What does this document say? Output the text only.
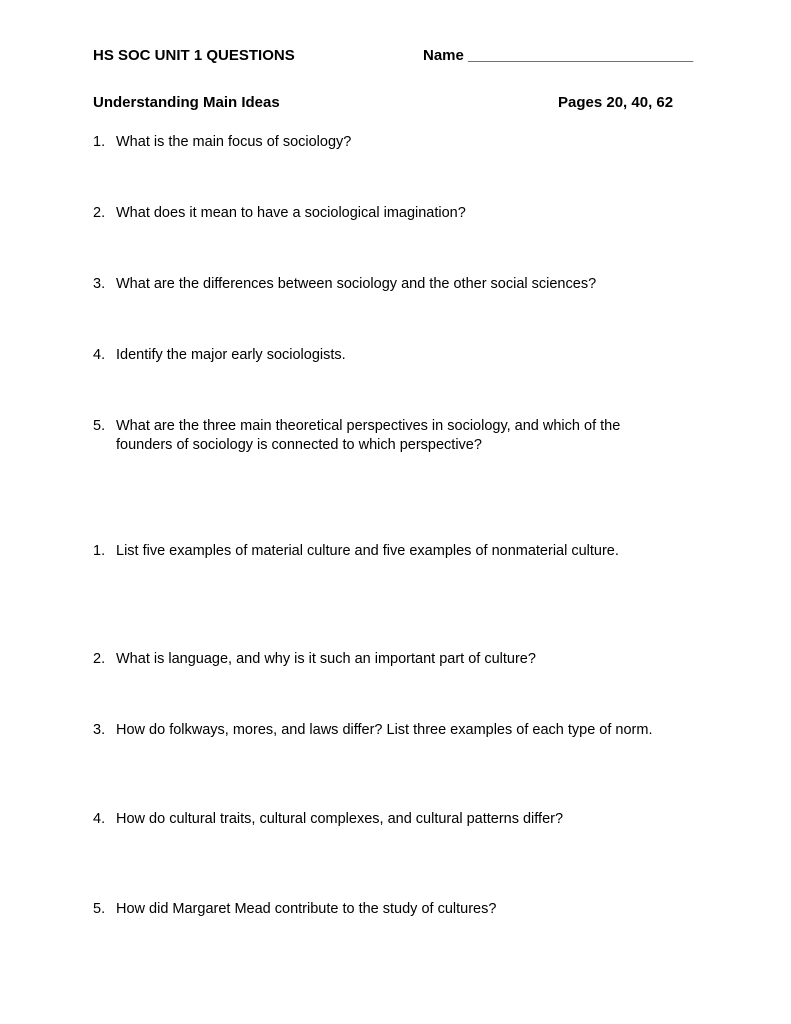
HS SOC UNIT 1 QUESTIONS	Name ___________________________
Understanding Main Ideas	Pages 20, 40, 62
1. What is the main focus of sociology?
2. What does it mean to have a sociological imagination?
3. What are the differences between sociology and the other social sciences?
4. Identify the major early sociologists.
5. What are the three main theoretical perspectives in sociology, and which of the founders of sociology is connected to which perspective?
1. List five examples of material culture and five examples of nonmaterial culture.
2. What is language, and why is it such an important part of culture?
3. How do folkways, mores, and laws differ? List three examples of each type of norm.
4. How do cultural traits, cultural complexes, and cultural patterns differ?
5. How did Margaret Mead contribute to the study of cultures?
